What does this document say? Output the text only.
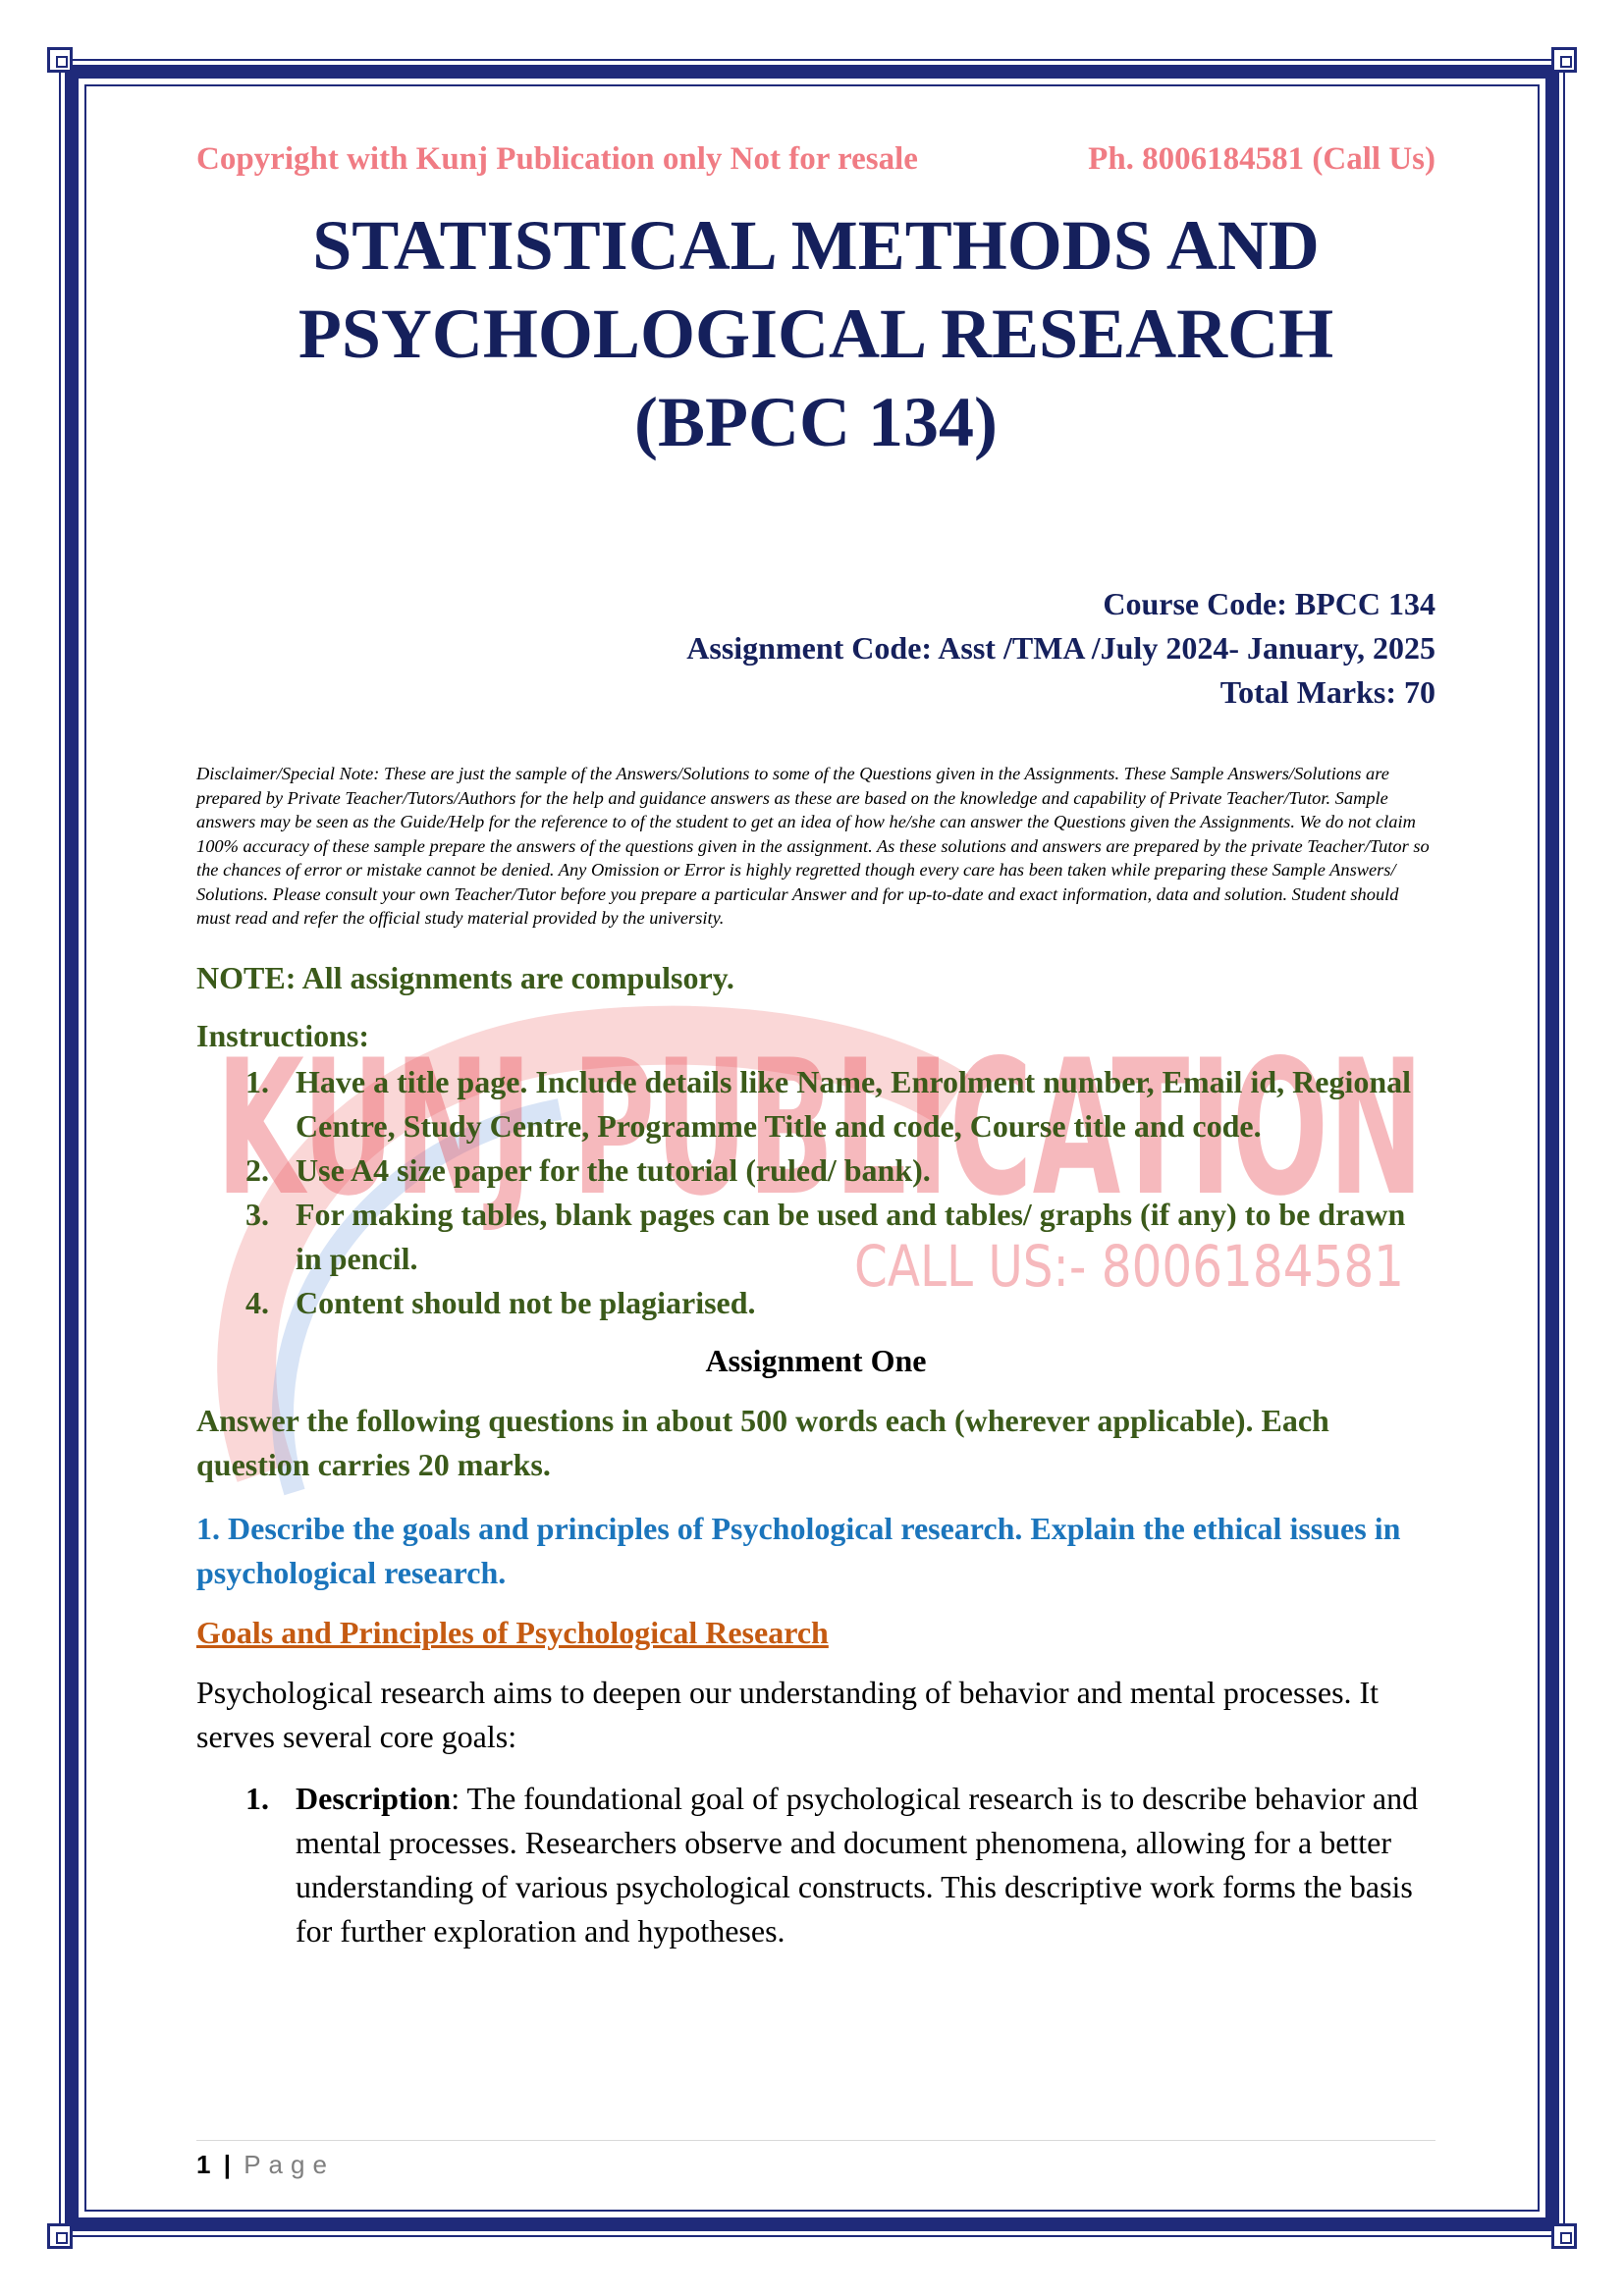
KUNJ PUBLICATION
CALL US:- 8006184581
Copyright with Kunj Publication only Not for resale	Ph. 8006184581 (Call Us)
STATISTICAL METHODS AND
PSYCHOLOGICAL RESEARCH
(BPCC 134)
Course Code: BPCC 134
Assignment Code: Asst /TMA /July 2024- January, 2025
Total Marks: 70
Disclaimer/Special Note: These are just the sample of the Answers/Solutions to some of the Questions given in the Assignments. These Sample Answers/Solutions are prepared by Private Teacher/Tutors/Authors for the help and guidance answers as these are based on the knowledge and capability of Private Teacher/Tutor. Sample answers may be seen as the Guide/Help for the reference to of the student to get an idea of how he/she can answer the Questions given the Assignments. We do not claim 100% accuracy of these sample prepare the answers of the questions given in the assignment. As these solutions and answers are prepared by the private Teacher/Tutor so the chances of error or mistake cannot be denied. Any Omission or Error is highly regretted though every care has been taken while preparing these Sample Answers/ Solutions. Please consult your own Teacher/Tutor before you prepare a particular Answer and for up-to-date and exact information, data and solution. Student should must read and refer the official study material provided by the university.
NOTE: All assignments are compulsory.
Instructions:
1. Have a title page. Include details like Name, Enrolment number, Email id, Regional Centre, Study Centre, Programme Title and code, Course title and code.
2. Use A4 size paper for the tutorial (ruled/ bank).
3. For making tables, blank pages can be used and tables/ graphs (if any) to be drawn in pencil.
4. Content should not be plagiarised.
Assignment One
Answer the following questions in about 500 words each (wherever applicable). Each question carries 20 marks.
1. Describe the goals and principles of Psychological research. Explain the ethical issues in psychological research.
Goals and Principles of Psychological Research
Psychological research aims to deepen our understanding of behavior and mental processes. It serves several core goals:
1. Description: The foundational goal of psychological research is to describe behavior and mental processes. Researchers observe and document phenomena, allowing for a better understanding of various psychological constructs. This descriptive work forms the basis for further exploration and hypotheses.
1 | Page
